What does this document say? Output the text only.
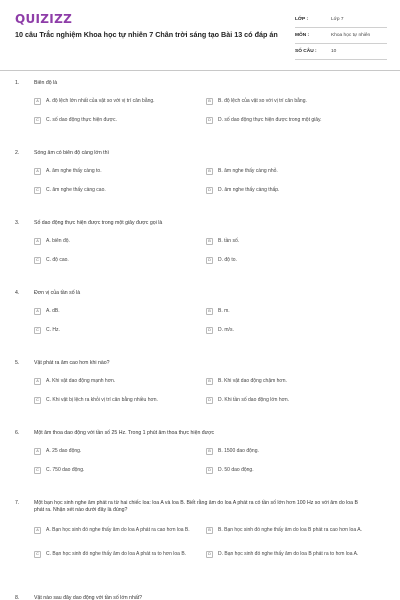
QUIZIZZ
10 câu Trắc nghiệm Khoa học tự nhiên 7 Chân trời sáng tạo Bài 13 có đáp án
LỚP :	Lớp 7
MÔN :	Khoa học tự nhiên
SỐ CÂU :	10
1.	Biên độ là
A	A. độ lệch lớn nhất của vật so với vị trí cân bằng.	B	B. độ lệch của vật so với vị trí cân bằng.
C	C. số dao động thực hiện được.	D	D. số dao động thực hiện được trong một giây.
2.	Sóng âm có biên độ càng lớn thì
A	A. âm nghe thấy càng to.	B	B. âm nghe thấy càng nhỏ.
C	C. âm nghe thấy càng cao.	D	D. âm nghe thấy càng thấp.
3.	Số dao động thực hiện được trong một giây được gọi là
A	A. biên độ.	B	B. tần số.
C	C. độ cao.	D	D. độ to.
4.	Đơn vị của tần số là
A	A. dB.	B	B. m.
C	C. Hz.	D	D. m/s.
5.	Vật phát ra âm cao hơn khi nào?
A	A. Khi vật dao động mạnh hơn.	B	B. Khi vật dao động chậm hơn.
C	C. Khi vật bị lệch ra khỏi vị trí cân bằng nhiều hơn.	D	D. Khi tần số dao động lớn hơn.
6.	Một âm thoa dao động với tần số 25 Hz. Trong 1 phút âm thoa thực hiện được
A	A. 25 dao động.	B	B. 1500 dao động.
C	C. 750 dao động.	D	D. 50 dao động.
7.	Một bạn học sinh nghe âm phát ra từ hai chiếc loa: loa A và loa B. Biết rằng âm do loa A phát ra có tần số lớn hơn 100 Hz so với âm do loa B phát ra. Nhận xét nào dưới đây là đúng?
A	A. Bạn học sinh đó nghe thấy âm do loa A phát ra cao hơn loa B.	B	B. Bạn học sinh đó nghe thấy âm do loa B phát ra cao hơn loa A.
C	C. Bạn học sinh đó nghe thấy âm do loa A phát ra to hơn loa B.	D	D. Bạn học sinh đó nghe thấy âm do loa B phát ra to hơn loa A.
8.	Vật nào sau đây dao động với tần số lớn nhất?
